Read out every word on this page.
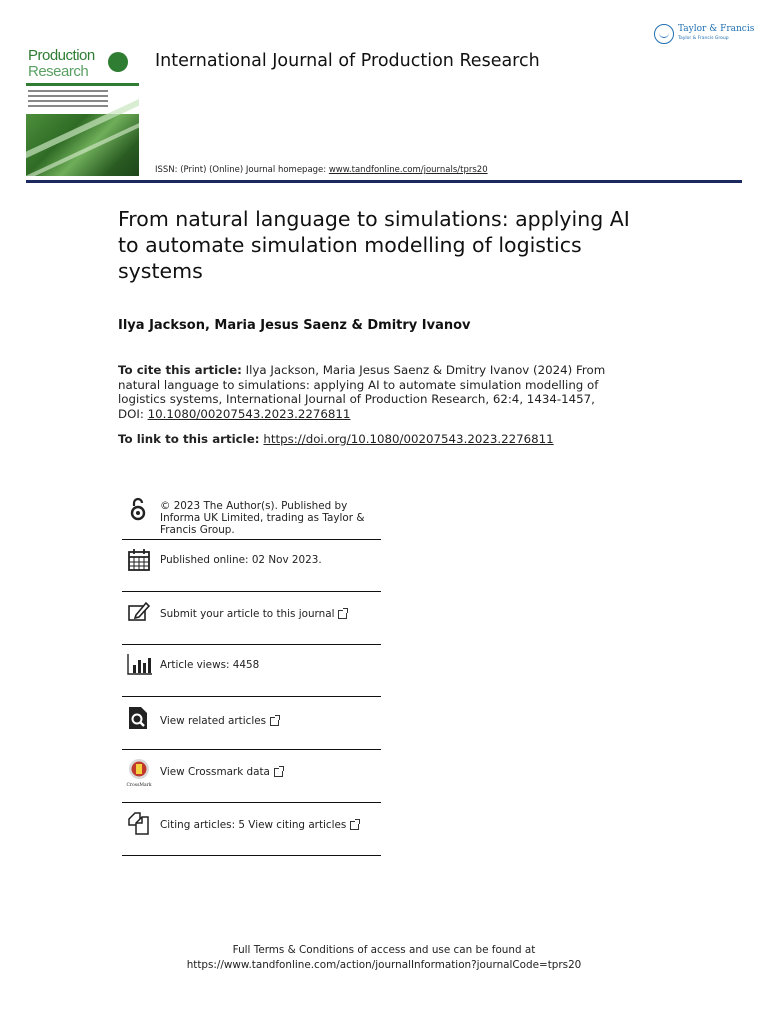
Production
Research
International Journal of Production Research
ISSN: (Print) (Online) Journal homepage: www.tandfonline.com/journals/tprs20
Taylor & Francis
Taylor & Francis Group
From natural language to simulations: applying AI to automate simulation modelling of logistics systems
Ilya Jackson, Maria Jesus Saenz & Dmitry Ivanov
To cite this article: Ilya Jackson, Maria Jesus Saenz & Dmitry Ivanov (2024) From natural language to simulations: applying AI to automate simulation modelling of logistics systems, International Journal of Production Research, 62:4, 1434-1457, DOI: 10.1080/00207543.2023.2276811
To link to this article: https://doi.org/10.1080/00207543.2023.2276811
© 2023 The Author(s). Published by Informa UK Limited, trading as Taylor & Francis Group.
Published online: 02 Nov 2023.
Submit your article to this journal
Article views: 4458
View related articles
CrossMark
View Crossmark data
Citing articles: 5 View citing articles
Full Terms & Conditions of access and use can be found at
https://www.tandfonline.com/action/journalInformation?journalCode=tprs20
